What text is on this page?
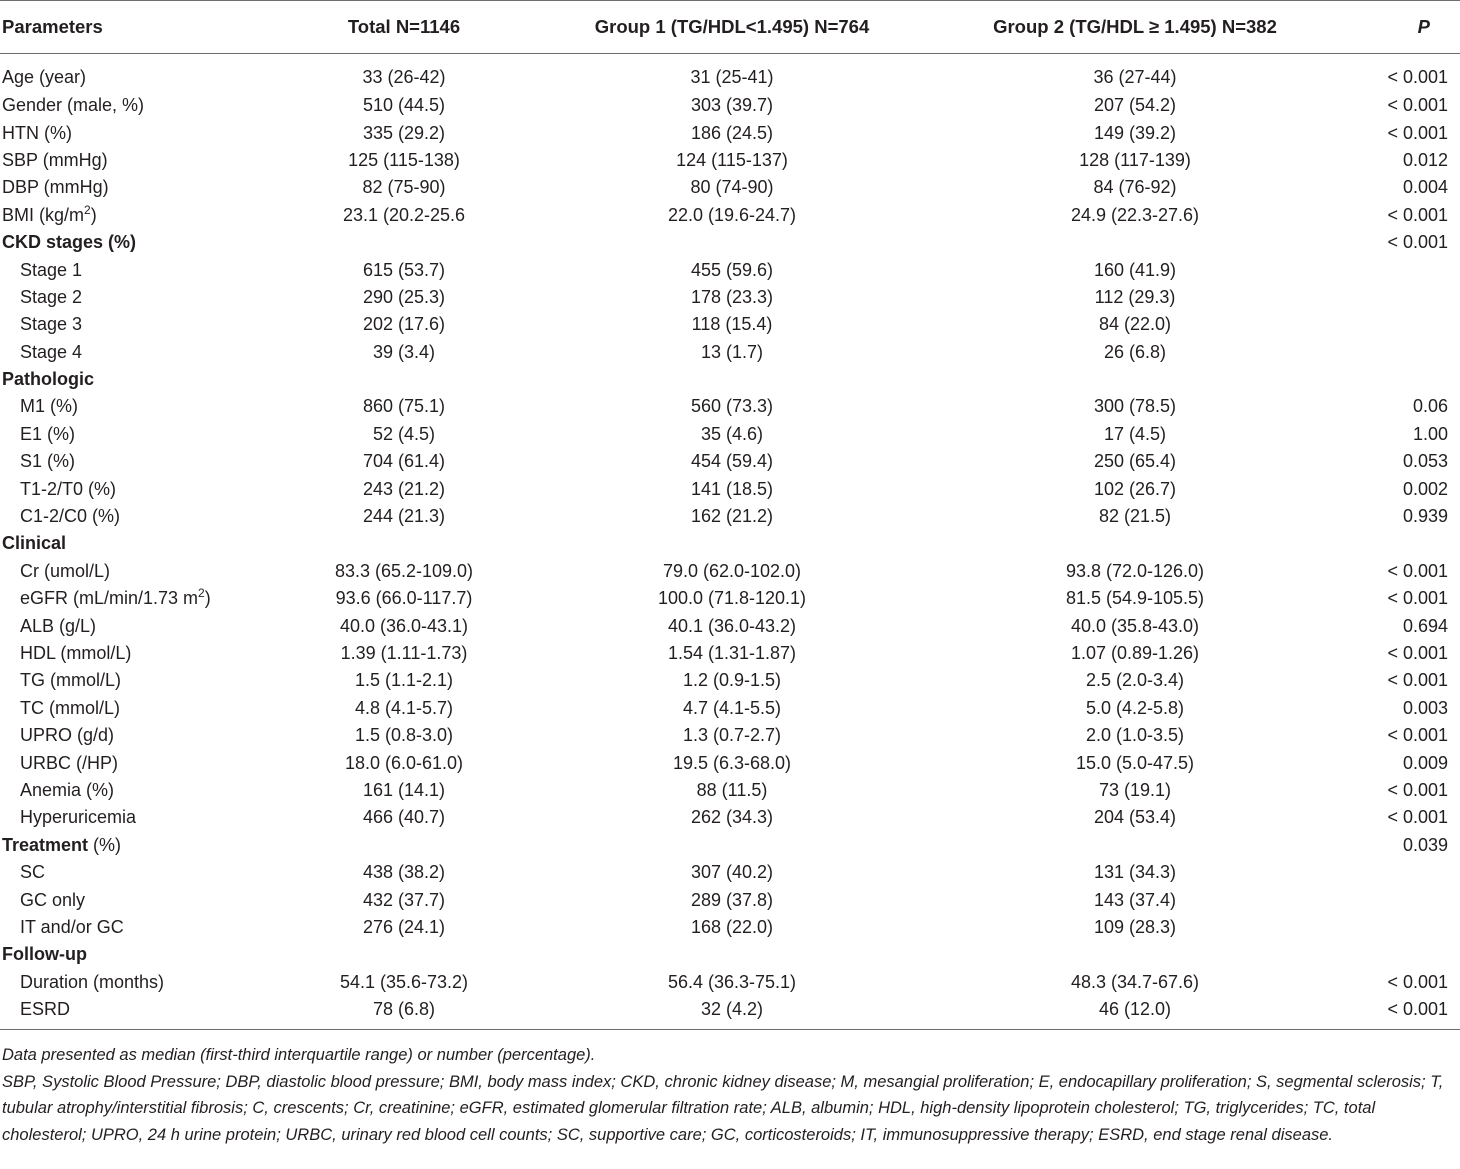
Parameters	Total N=1146	Group 1 (TG/HDL<1.495) N=764	Group 2 (TG/HDL ≥ 1.495) N=382	P
Age (year)	33 (26-42)	31 (25-41)	36 (27-44)	< 0.001
Gender (male, %)	510 (44.5)	303 (39.7)	207 (54.2)	< 0.001
HTN (%)	335 (29.2)	186 (24.5)	149 (39.2)	< 0.001
SBP (mmHg)	125 (115-138)	124 (115-137)	128 (117-139)	0.012
DBP (mmHg)	82 (75-90)	80 (74-90)	84 (76-92)	0.004
BMI $(kg/m^2)$	23.1 (20.2-25.6	22.0 (19.6-24.7)	24.9 (22.3-27.6)	< 0.001
CKD stages (%)				< 0.001
Stage 1	615 (53.7)	455 (59.6)	160 (41.9)	
Stage 2	290 (25.3)	178 (23.3)	112 (29.3)	
Stage 3	202 (17.6)	118 (15.4)	84 (22.0)	
Stage 4	39 (3.4)	13 (1.7)	26 (6.8)	
Pathologic				
M1 (%)	860 (75.1)	560 (73.3)	300 (78.5)	0.06
E1 (%)	52 (4.5)	35 (4.6)	17 (4.5)	1.00
S1 (%)	704 (61.4)	454 (59.4)	250 (65.4)	0.053
T1-2/T0 (%)	243 (21.2)	141 (18.5)	102 (26.7)	0.002
C1-2/C0 (%)	244 (21.3)	162 (21.2)	82 (21.5)	0.939
Clinical				
Cr (umol/L)	83.3 (65.2-109.0)	79.0 (62.0-102.0)	93.8 (72.0-126.0)	< 0.001
eGFR (mL/min/1.73 $m^2$)	93.6 (66.0-117.7)	100.0 (71.8-120.1)	81.5 (54.9-105.5)	< 0.001
ALB (g/L)	40.0 (36.0-43.1)	40.1 (36.0-43.2)	40.0 (35.8-43.0)	0.694
HDL (mmol/L)	1.39 (1.11-1.73)	1.54 (1.31-1.87)	1.07 (0.89-1.26)	< 0.001
TG (mmol/L)	1.5 (1.1-2.1)	1.2 (0.9-1.5)	2.5 (2.0-3.4)	< 0.001
TC (mmol/L)	4.8 (4.1-5.7)	4.7 (4.1-5.5)	5.0 (4.2-5.8)	0.003
UPRO (g/d)	1.5 (0.8-3.0)	1.3 (0.7-2.7)	2.0 (1.0-3.5)	< 0.001
URBC (/HP)	18.0 (6.0-61.0)	19.5 (6.3-68.0)	15.0 (5.0-47.5)	0.009
Anemia (%)	161 (14.1)	88 (11.5)	73 (19.1)	< 0.001
Hyperuricemia	466 (40.7)	262 (34.3)	204 (53.4)	< 0.001
Treatment (%)				0.039
SC	438 (38.2)	307 (40.2)	131 (34.3)	
GC only	432 (37.7)	289 (37.8)	143 (37.4)	
IT and/or GC	276 (24.1)	168 (22.0)	109 (28.3)	
Follow-up				
Duration (months)	54.1 (35.6-73.2)	56.4 (36.3-75.1)	48.3 (34.7-67.6)	< 0.001
ESRD	78 (6.8)	32 (4.2)	46 (12.0)	< 0.001

Data presented as median (first-third interquartile range) or number (percentage).

SBP, Systolic Blood Pressure; DBP, diastolic blood pressure; BMI, body mass index; CKD, chronic kidney disease; M, mesangial proliferation; E, endocapillary proliferation; S, segmental sclerosis; T, tubular atrophy/interstitial fibrosis; C, crescents; Cr, creatinine; eGFR, estimated glomerular filtration rate; ALB, albumin; HDL, high-density lipoprotein cholesterol; TG, triglycerides; TC, total cholesterol; UPRO, 24 h urine protein; URBC, urinary red blood cell counts; SC, supportive care; GC, corticosteroids; IT, immunosuppressive therapy; ESRD, end stage renal disease.
